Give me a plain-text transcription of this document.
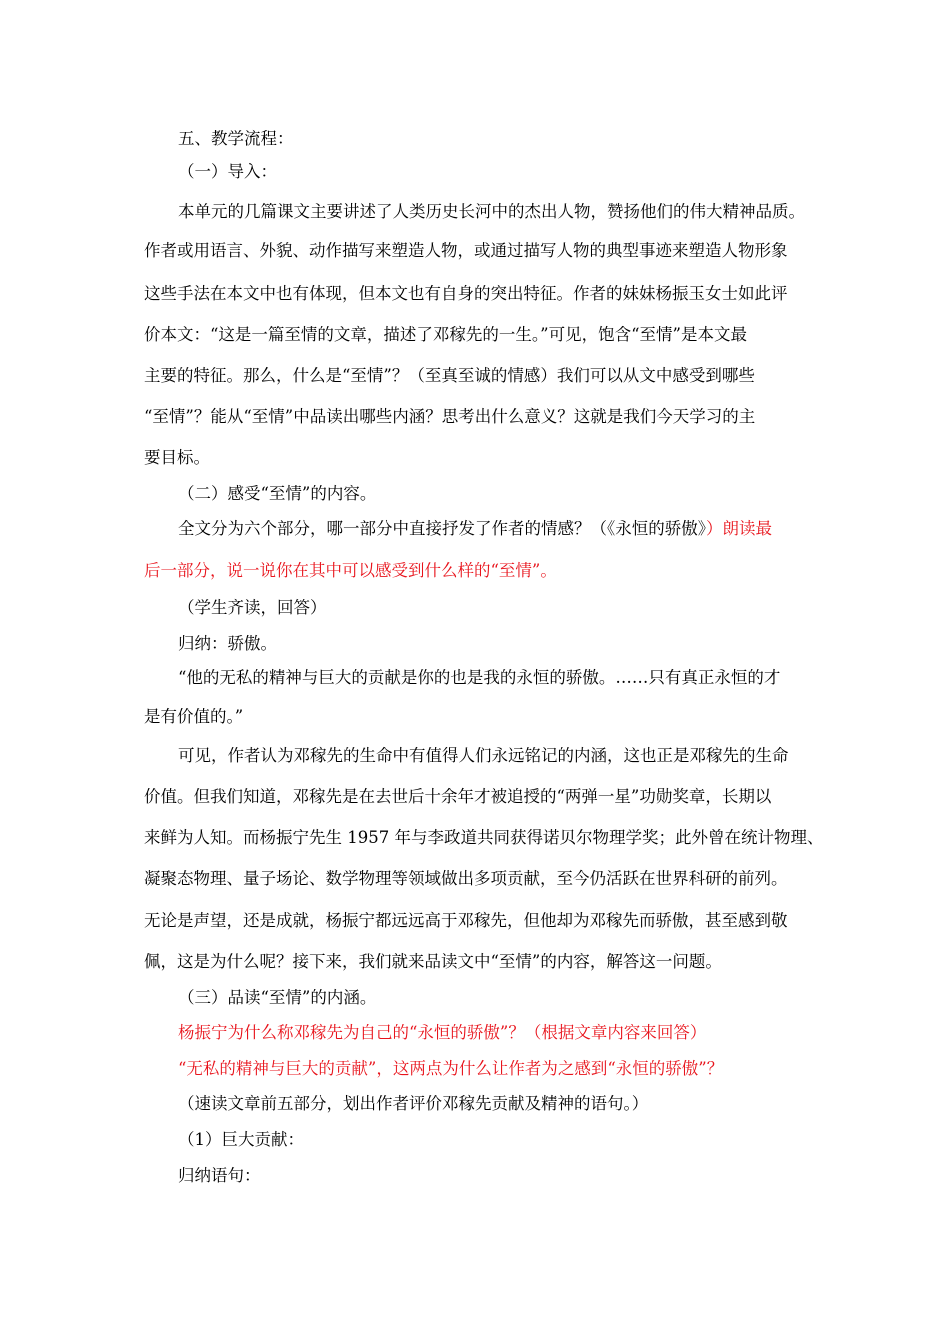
五、教学流程：
（一）导入：
本单元的几篇课文主要讲述了人类历史长河中的杰出人物，赞扬他们的伟大精神品质。
作者或用语言、外貌、动作描写来塑造人物，或通过描写人物的典型事迹来塑造人物形象
这些手法在本文中也有体现，但本文也有自身的突出特征。作者的妹妹杨振玉女士如此评
价本文：“这是一篇至情的文章，描述了邓稼先的一生。”可见，饱含“至情”是本文最
主要的特征。那么，什么是“至情”？（至真至诚的情感）我们可以从文中感受到哪些
“至情”？能从“至情”中品读出哪些内涵？思考出什么意义？这就是我们今天学习的主
要目标。
（二）感受“至情”的内容。
全文分为六个部分，哪一部分中直接抒发了作者的情感？（《永恒的骄傲》）朗读最
后一部分，说一说你在其中可以感受到什么样的“至情”。
（学生齐读，回答）
归纳：骄傲。
“他的无私的精神与巨大的贡献是你的也是我的永恒的骄傲。……只有真正永恒的才
是有价值的。”
可见，作者认为邓稼先的生命中有值得人们永远铭记的内涵，这也正是邓稼先的生命
价值。但我们知道，邓稼先是在去世后十余年才被追授的“两弹一星”功勋奖章，长期以
来鲜为人知。而杨振宁先生 1957 年与李政道共同获得诺贝尔物理学奖；此外曾在统计物理、
凝聚态物理、量子场论、数学物理等领域做出多项贡献，至今仍活跃在世界科研的前列。
无论是声望，还是成就，杨振宁都远远高于邓稼先，但他却为邓稼先而骄傲，甚至感到敬
佩，这是为什么呢？接下来，我们就来品读文中“至情”的内容，解答这一问题。
（三）品读“至情”的内涵。
杨振宁为什么称邓稼先为自己的“永恒的骄傲”？（根据文章内容来回答）
“无私的精神与巨大的贡献”，这两点为什么让作者为之感到“永恒的骄傲”？
（速读文章前五部分，划出作者评价邓稼先贡献及精神的语句。）
（1）巨大贡献：
归纳语句：
